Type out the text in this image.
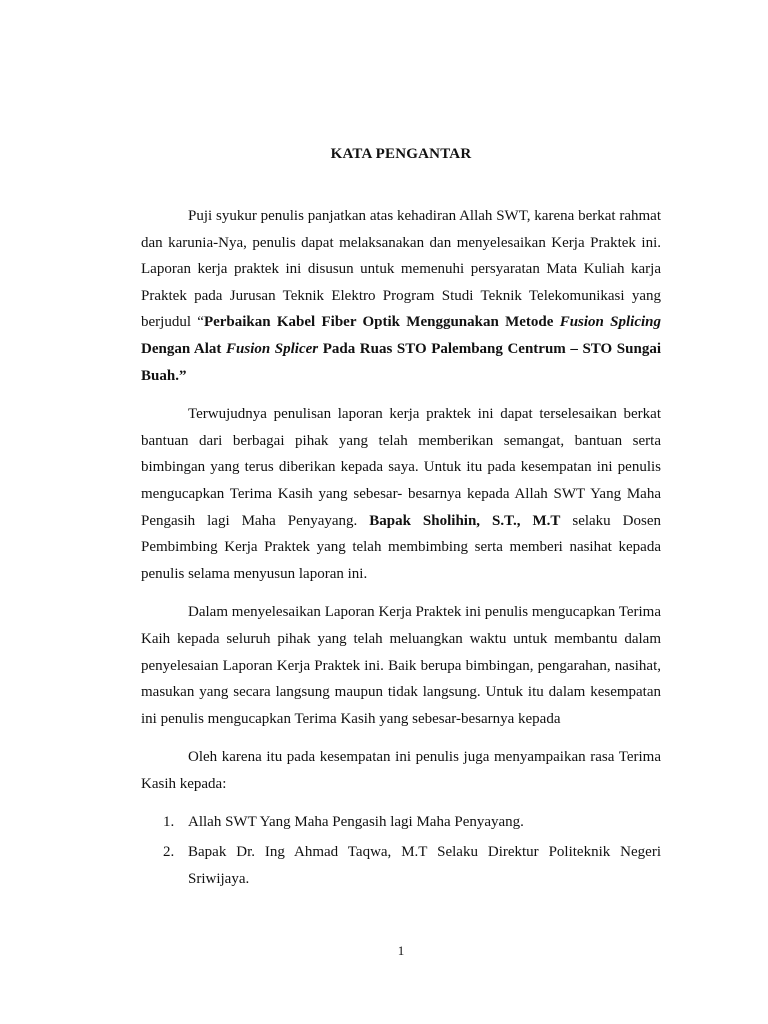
KATA PENGANTAR

Puji syukur penulis panjatkan atas kehadiran Allah SWT, karena berkat rahmat dan karunia-Nya, penulis dapat melaksanakan dan menyelesaikan Kerja Praktek ini. Laporan kerja praktek ini disusun untuk memenuhi persyaratan Mata Kuliah karja Praktek pada Jurusan Teknik Elektro Program Studi Teknik Telekomunikasi yang berjudul “Perbaikan Kabel Fiber Optik Menggunakan Metode Fusion Splicing Dengan Alat Fusion Splicer Pada Ruas STO Palembang Centrum – STO Sungai Buah.”

Terwujudnya penulisan laporan kerja praktek ini dapat terselesaikan berkat bantuan dari berbagai pihak yang telah memberikan semangat, bantuan serta bimbingan yang terus diberikan kepada saya. Untuk itu pada kesempatan ini penulis mengucapkan Terima Kasih yang sebesar- besarnya kepada Allah SWT Yang Maha Pengasih lagi Maha Penyayang. Bapak Sholihin, S.T., M.T selaku Dosen Pembimbing Kerja Praktek yang telah membimbing serta memberi nasihat kepada penulis selama menyusun laporan ini.

Dalam menyelesaikan Laporan Kerja Praktek ini penulis mengucapkan Terima Kaih kepada seluruh pihak yang telah meluangkan waktu untuk membantu dalam penyelesaian Laporan Kerja Praktek ini. Baik berupa bimbingan, pengarahan, nasihat, masukan yang secara langsung maupun tidak langsung. Untuk itu dalam kesempatan ini penulis mengucapkan Terima Kasih yang sebesar-besarnya kepada

Oleh karena itu pada kesempatan ini penulis juga menyampaikan rasa Terima Kasih kepada:

1. Allah SWT Yang Maha Pengasih lagi Maha Penyayang.
2. Bapak Dr. Ing Ahmad Taqwa, M.T Selaku Direktur Politeknik Negeri Sriwijaya.
1
